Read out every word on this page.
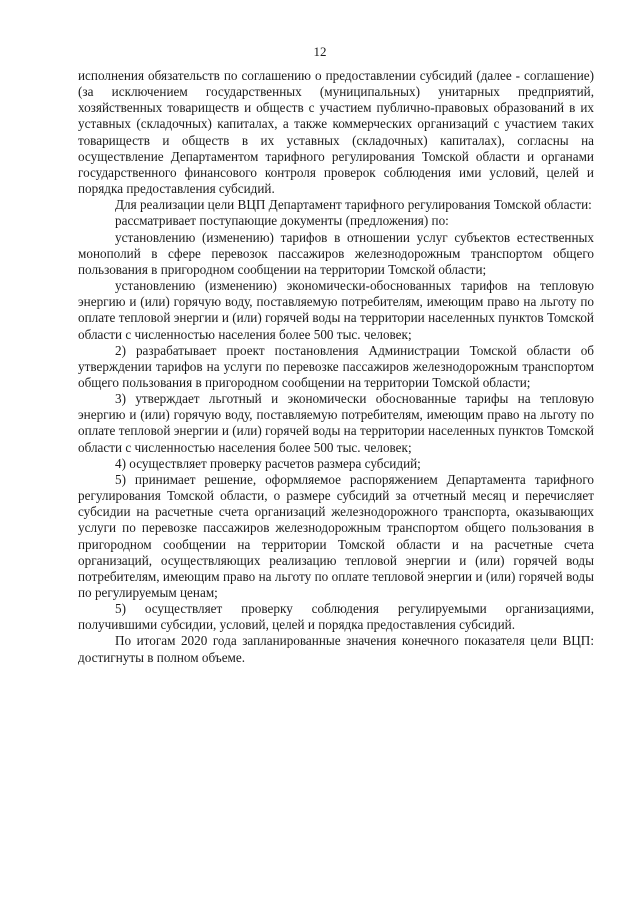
12

исполнения обязательств по соглашению о предоставлении субсидий (далее - соглашение) (за исключением государственных (муниципальных) унитарных предприятий, хозяйственных товариществ и обществ с участием публично-правовых образований в их уставных (складочных) капиталах, а также коммерческих организаций с участием таких товариществ и обществ в их уставных (складочных) капиталах), согласны на осуществление Департаментом тарифного регулирования Томской области и органами государственного финансового контроля проверок соблюдения ими условий, целей и порядка предоставления субсидий.

Для реализации цели ВЦП Департамент тарифного регулирования Томской области:

рассматривает поступающие документы (предложения) по:

установлению (изменению) тарифов в отношении услуг субъектов естественных монополий в сфере перевозок пассажиров железнодорожным транспортом общего пользования в пригородном сообщении на территории Томской области;

установлению (изменению) экономически-обоснованных тарифов на тепловую энергию и (или) горячую воду, поставляемую потребителям, имеющим право на льготу по оплате тепловой энергии и (или) горячей воды на территории населенных пунктов Томской области с численностью населения более 500 тыс. человек;

2) разрабатывает проект постановления Администрации Томской области об утверждении тарифов на услуги по перевозке пассажиров железнодорожным транспортом общего пользования в пригородном сообщении на территории Томской области;

3) утверждает льготный и экономически обоснованные тарифы на тепловую энергию и (или) горячую воду, поставляемую потребителям, имеющим право на льготу по оплате тепловой энергии и (или) горячей воды на территории населенных пунктов Томской области с численностью населения более 500 тыс. человек;

4) осуществляет проверку расчетов размера субсидий;

5) принимает решение, оформляемое распоряжением Департамента тарифного регулирования Томской области, о размере субсидий за отчетный месяц и перечисляет субсидии на расчетные счета организаций железнодорожного транспорта, оказывающих услуги по перевозке пассажиров железнодорожным транспортом общего пользования в пригородном сообщении на территории Томской области и на расчетные счета организаций, осуществляющих реализацию тепловой энергии и (или) горячей воды потребителям, имеющим право на льготу по оплате тепловой энергии и (или) горячей воды по регулируемым ценам;

5) осуществляет проверку соблюдения регулируемыми организациями, получившими субсидии, условий, целей и порядка предоставления субсидий.

По итогам 2020 года запланированные значения конечного показателя цели ВЦП: достигнуты в полном объеме.
